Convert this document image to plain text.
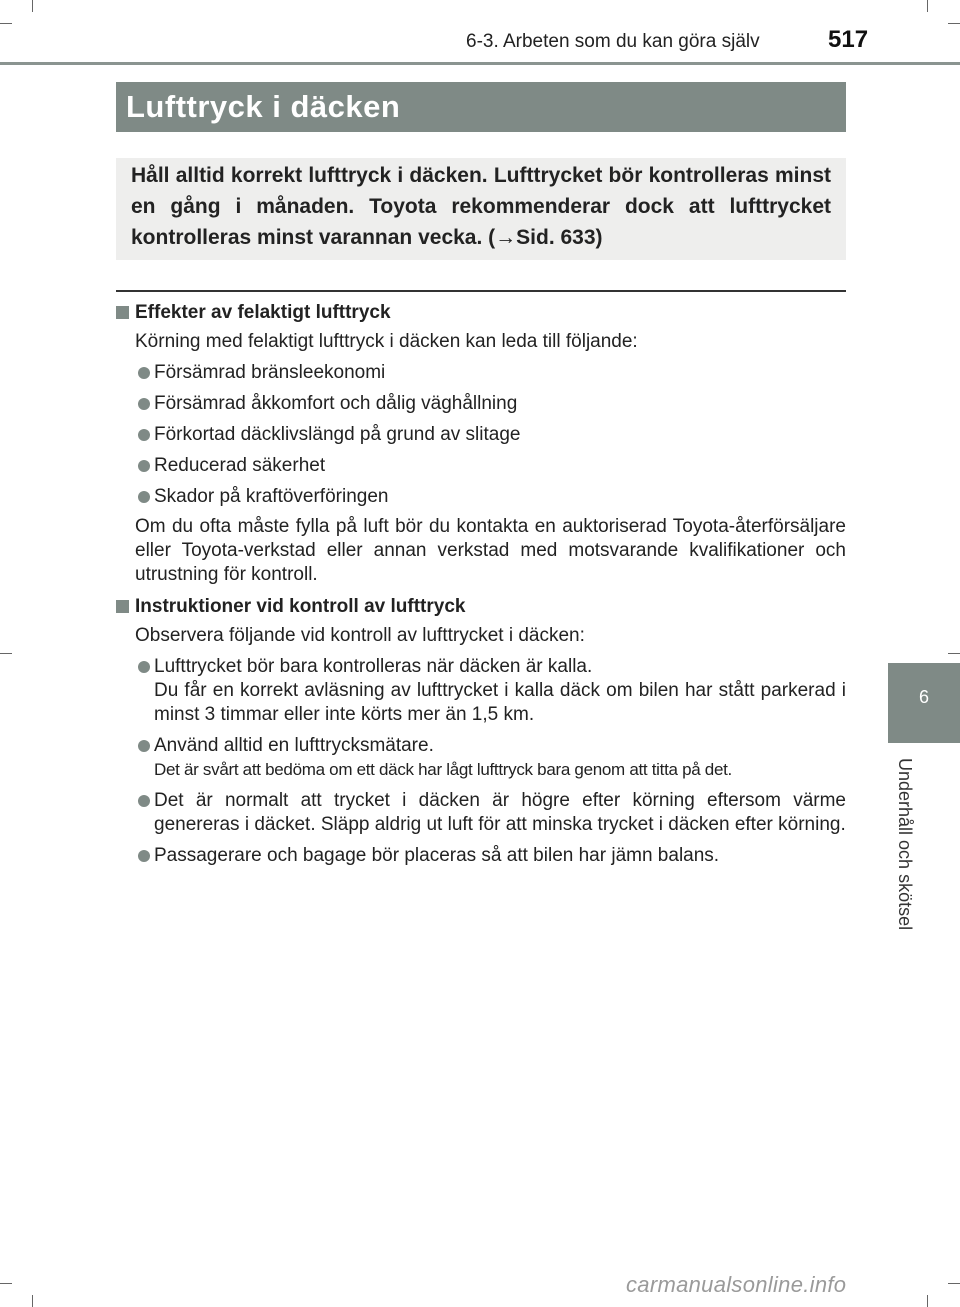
6-3. Arbeten som du kan göra själv	517
Lufttryck i däcken

Håll alltid korrekt lufttryck i däcken. Lufttrycket bör kontrolleras minst en gång i månaden. Toyota rekommenderar dock att lufttrycket kontrolleras minst varannan vecka. (→Sid. 633)

Effekter av felaktigt lufttryck
Körning med felaktigt lufttryck i däcken kan leda till följande:
Försämrad bränsleekonomi
Försämrad åkkomfort och dålig väghållning
Förkortad däcklivslängd på grund av slitage
Reducerad säkerhet
Skador på kraftöverföringen
Om du ofta måste fylla på luft bör du kontakta en auktoriserad Toyota-återförsäljare eller Toyota-verkstad eller annan verkstad med motsvarande kvalifikationer och utrustning för kontroll.
Instruktioner vid kontroll av lufttryck
Observera följande vid kontroll av lufttrycket i däcken:
Lufttrycket bör bara kontrolleras när däcken är kalla.
Du får en korrekt avläsning av lufttrycket i kalla däck om bilen har stått parkerad i minst 3 timmar eller inte körts mer än 1,5 km.
Använd alltid en lufttrycksmätare.
Det är svårt att bedöma om ett däck har lågt lufttryck bara genom att titta på det.
Det är normalt att trycket i däcken är högre efter körning eftersom värme genereras i däcket. Släpp aldrig ut luft för att minska trycket i däcken efter körning.
Passagerare och bagage bör placeras så att bilen har jämn balans.
6
Underhåll och skötsel
carmanualsonline.info
